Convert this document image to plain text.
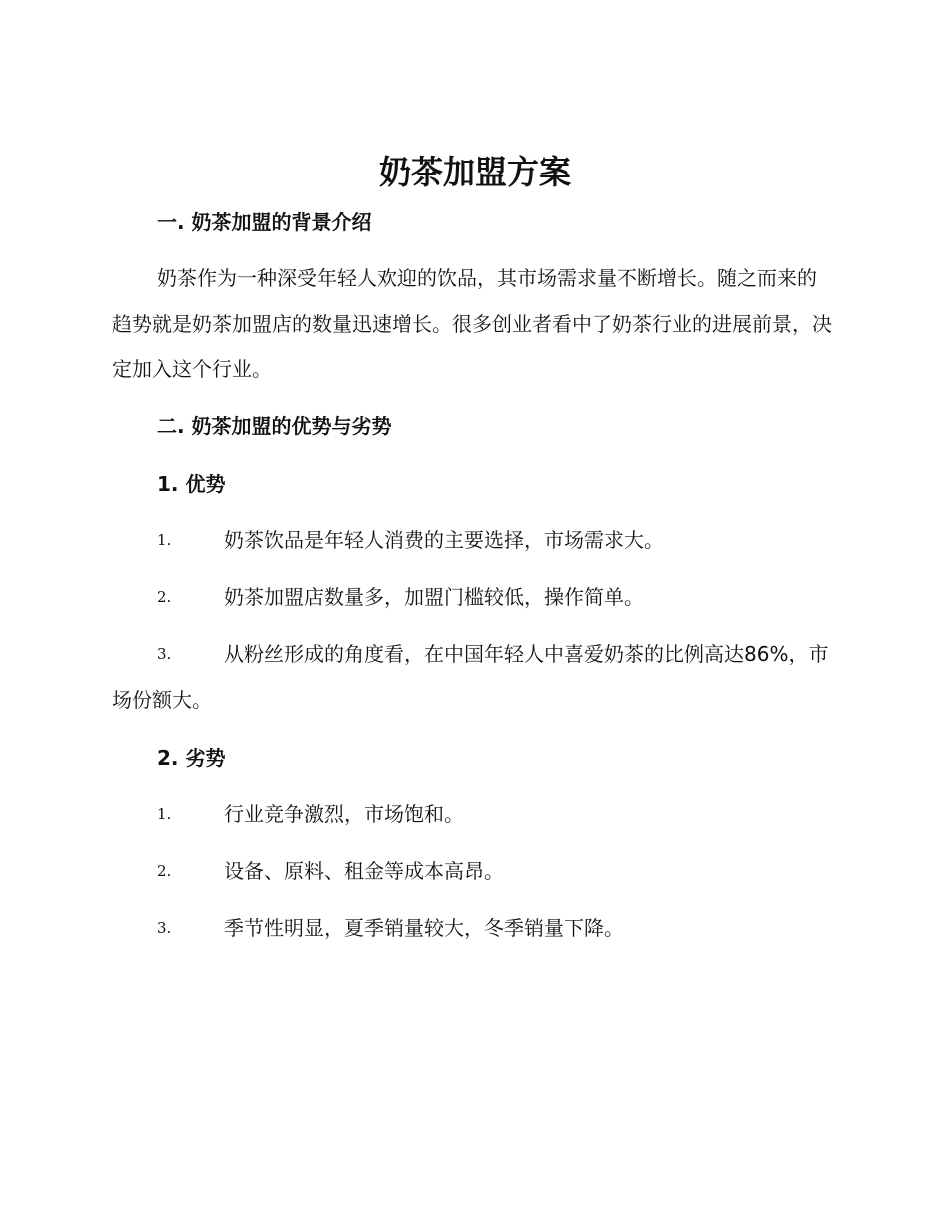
奶茶加盟方案
一. 奶茶加盟的背景介绍

奶茶作为一种深受年轻人欢迎的饮品，其市场需求量不断增长。随之而来的趋势就是奶茶加盟店的数量迅速增长。很多创业者看中了奶茶行业的进展前景，决定加入这个行业。

二. 奶茶加盟的优势与劣势
1. 优势
1.	奶茶饮品是年轻人消费的主要选择，市场需求大。
2.	奶茶加盟店数量多，加盟门槛较低，操作简单。
3.	从粉丝形成的角度看，在中国年轻人中喜爱奶茶的比例高达86%，市场份额大。
2. 劣势
1.	行业竞争激烈，市场饱和。
2.	设备、原料、租金等成本高昂。
3.	季节性明显，夏季销量较大，冬季销量下降。
